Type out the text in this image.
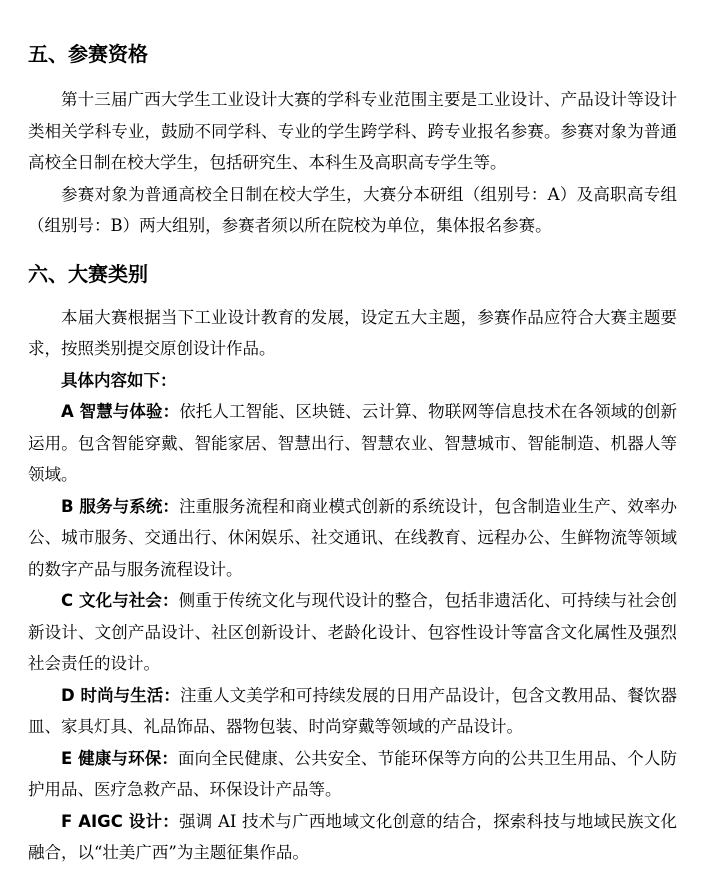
五、参赛资格

第十三届广西大学生工业设计大赛的学科专业范围主要是工业设计、产品设计等设计类相关学科专业，鼓励不同学科、专业的学生跨学科、跨专业报名参赛。参赛对象为普通高校全日制在校大学生，包括研究生、本科生及高职高专学生等。

参赛对象为普通高校全日制在校大学生，大赛分本研组（组别号：A）及高职高专组（组别号：B）两大组别，参赛者须以所在院校为单位，集体报名参赛。

六、大赛类别

本届大赛根据当下工业设计教育的发展，设定五大主题，参赛作品应符合大赛主题要求，按照类别提交原创设计作品。

具体内容如下：

A 智慧与体验：依托人工智能、区块链、云计算、物联网等信息技术在各领域的创新运用。包含智能穿戴、智能家居、智慧出行、智慧农业、智慧城市、智能制造、机器人等领域。

B 服务与系统：注重服务流程和商业模式创新的系统设计，包含制造业生产、效率办公、城市服务、交通出行、休闲娱乐、社交通讯、在线教育、远程办公、生鲜物流等领域的数字产品与服务流程设计。

C 文化与社会：侧重于传统文化与现代设计的整合，包括非遗活化、可持续与社会创新设计、文创产品设计、社区创新设计、老龄化设计、包容性设计等富含文化属性及强烈社会责任的设计。

D 时尚与生活：注重人文美学和可持续发展的日用产品设计，包含文教用品、餐饮器皿、家具灯具、礼品饰品、器物包装、时尚穿戴等领域的产品设计。

E 健康与环保：面向全民健康、公共安全、节能环保等方向的公共卫生用品、个人防护用品、医疗急救产品、环保设计产品等。

F AIGC 设计：强调 AI 技术与广西地域文化创意的结合，探索科技与地域民族文化融合，以“壮美广西”为主题征集作品。
